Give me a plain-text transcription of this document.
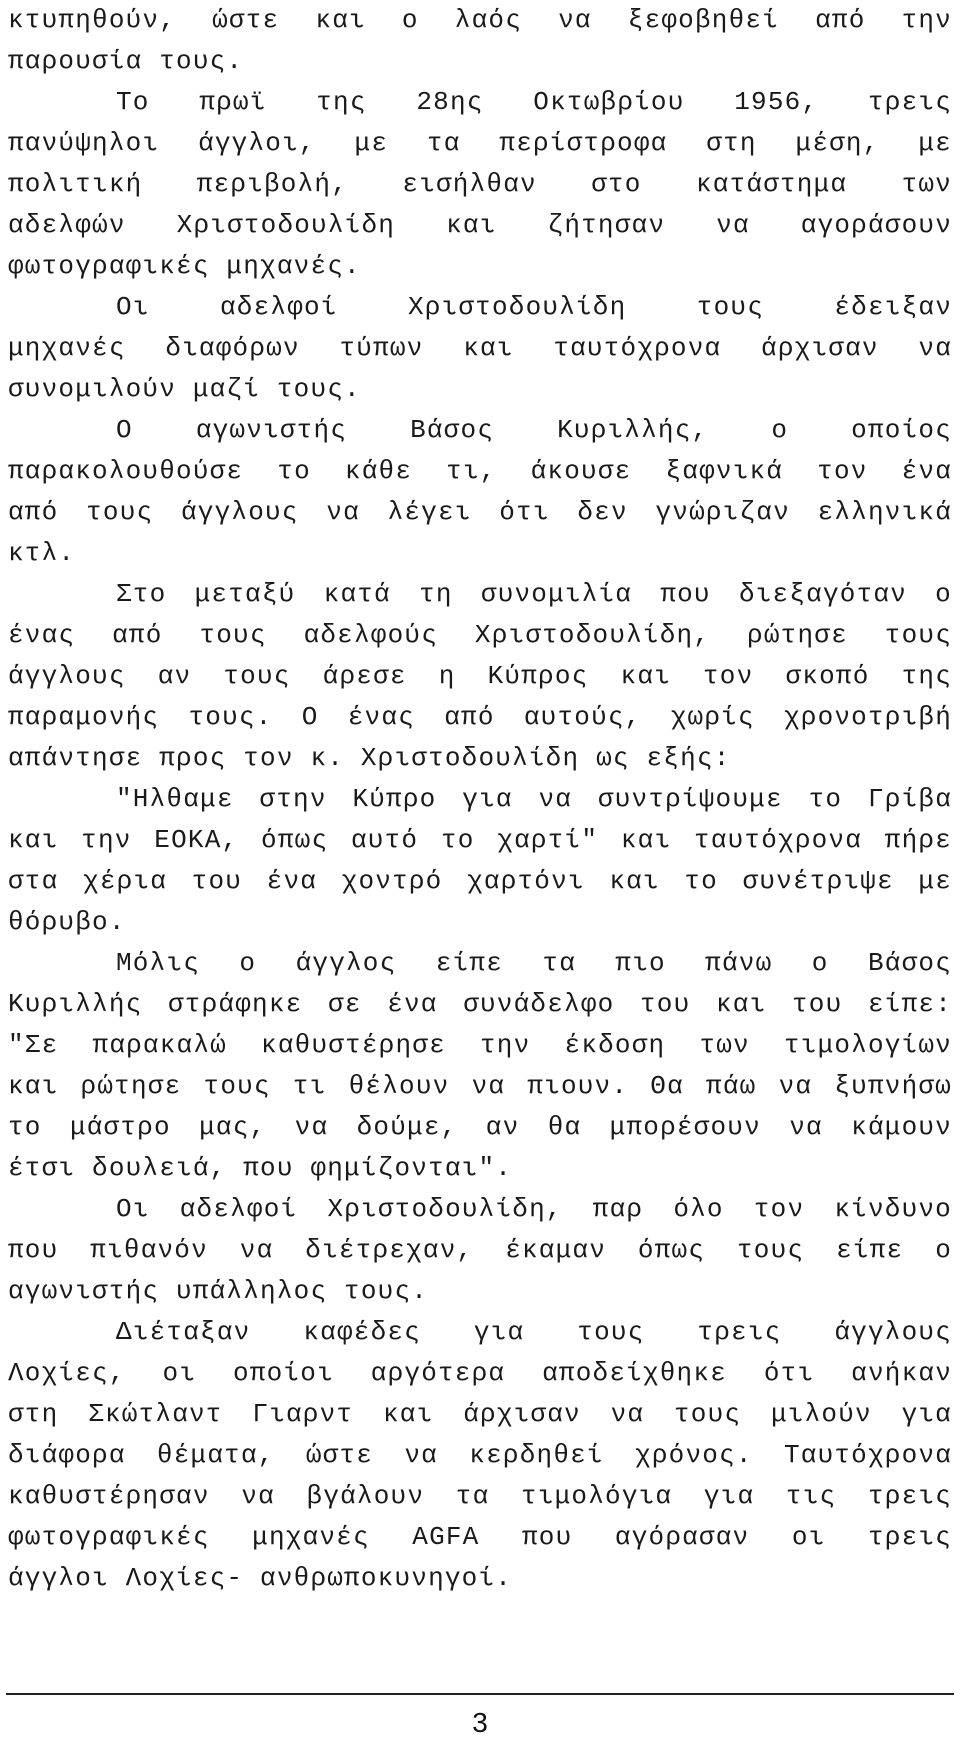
κτυπηθούν, ώστε και ο λαός να ξεφοβηθεί από την
παρουσία τους.
Το πρωϊ της 28ης Οκτωβρίου 1956, τρεις
πανύψηλοι άγγλοι, με τα περίστροφα στη μέση, με
πολιτική περιβολή, εισήλθαν στο κατάστημα των
αδελφών Χριστοδουλίδη και ζήτησαν να αγοράσουν
φωτογραφικές μηχανές.
Οι αδελφοί Χριστοδουλίδη τους έδειξαν
μηχανές διαφόρων τύπων και ταυτόχρονα άρχισαν να
συνομιλούν μαζί τους.
Ο αγωνιστής Βάσος Κυριλλής, ο οποίος
παρακολουθούσε το κάθε τι, άκουσε ξαφνικά τον ένα
από τους άγγλους να λέγει ότι δεν γνώριζαν ελληνικά
κτλ.
Στο μεταξύ κατά τη συνομιλία που διεξαγόταν ο
ένας από τους αδελφούς Χριστοδουλίδη, ρώτησε τους
άγγλους αν τους άρεσε η Κύπρος και τον σκοπό της
παραμονής τους. Ο ένας από αυτούς, χωρίς χρονοτριβή
απάντησε προς τον κ. Χριστοδουλίδη ως εξής:
"Ηλθαμε στην Κύπρο για να συντρίψουμε το Γρίβα
και την ΕΟΚΑ, όπως αυτό το χαρτί" και ταυτόχρονα πήρε
στα χέρια του ένα χοντρό χαρτόνι και το συνέτριψε με
θόρυβο.
Μόλις ο άγγλος είπε τα πιο πάνω ο Βάσος
Κυριλλής στράφηκε σε ένα συνάδελφο του και του είπε:
"Σε παρακαλώ καθυστέρησε την έκδοση των τιμολογίων
και ρώτησε τους τι θέλουν να πιουν. Θα πάω να ξυπνήσω
το μάστρο μας, να δούμε, αν θα μπορέσουν να κάμουν
έτσι δουλειά, που φημίζονται".
Οι αδελφοί Χριστοδουλίδη, παρ όλο τον κίνδυνο
που πιθανόν να διέτρεχαν, έκαμαν όπως τους είπε ο
αγωνιστής υπάλληλος τους.
Διέταξαν καφέδες για τους τρεις άγγλους
Λοχίες, οι οποίοι αργότερα αποδείχθηκε ότι ανήκαν
στη Σκώτλαντ Γιαρντ και άρχισαν να τους μιλούν για
διάφορα θέματα, ώστε να κερδηθεί χρόνος. Ταυτόχρονα
καθυστέρησαν να βγάλουν τα τιμολόγια για τις τρεις
φωτογραφικές μηχανές AGFA που αγόρασαν οι τρεις
άγγλοι Λοχίες- ανθρωποκυνηγοί.
3
